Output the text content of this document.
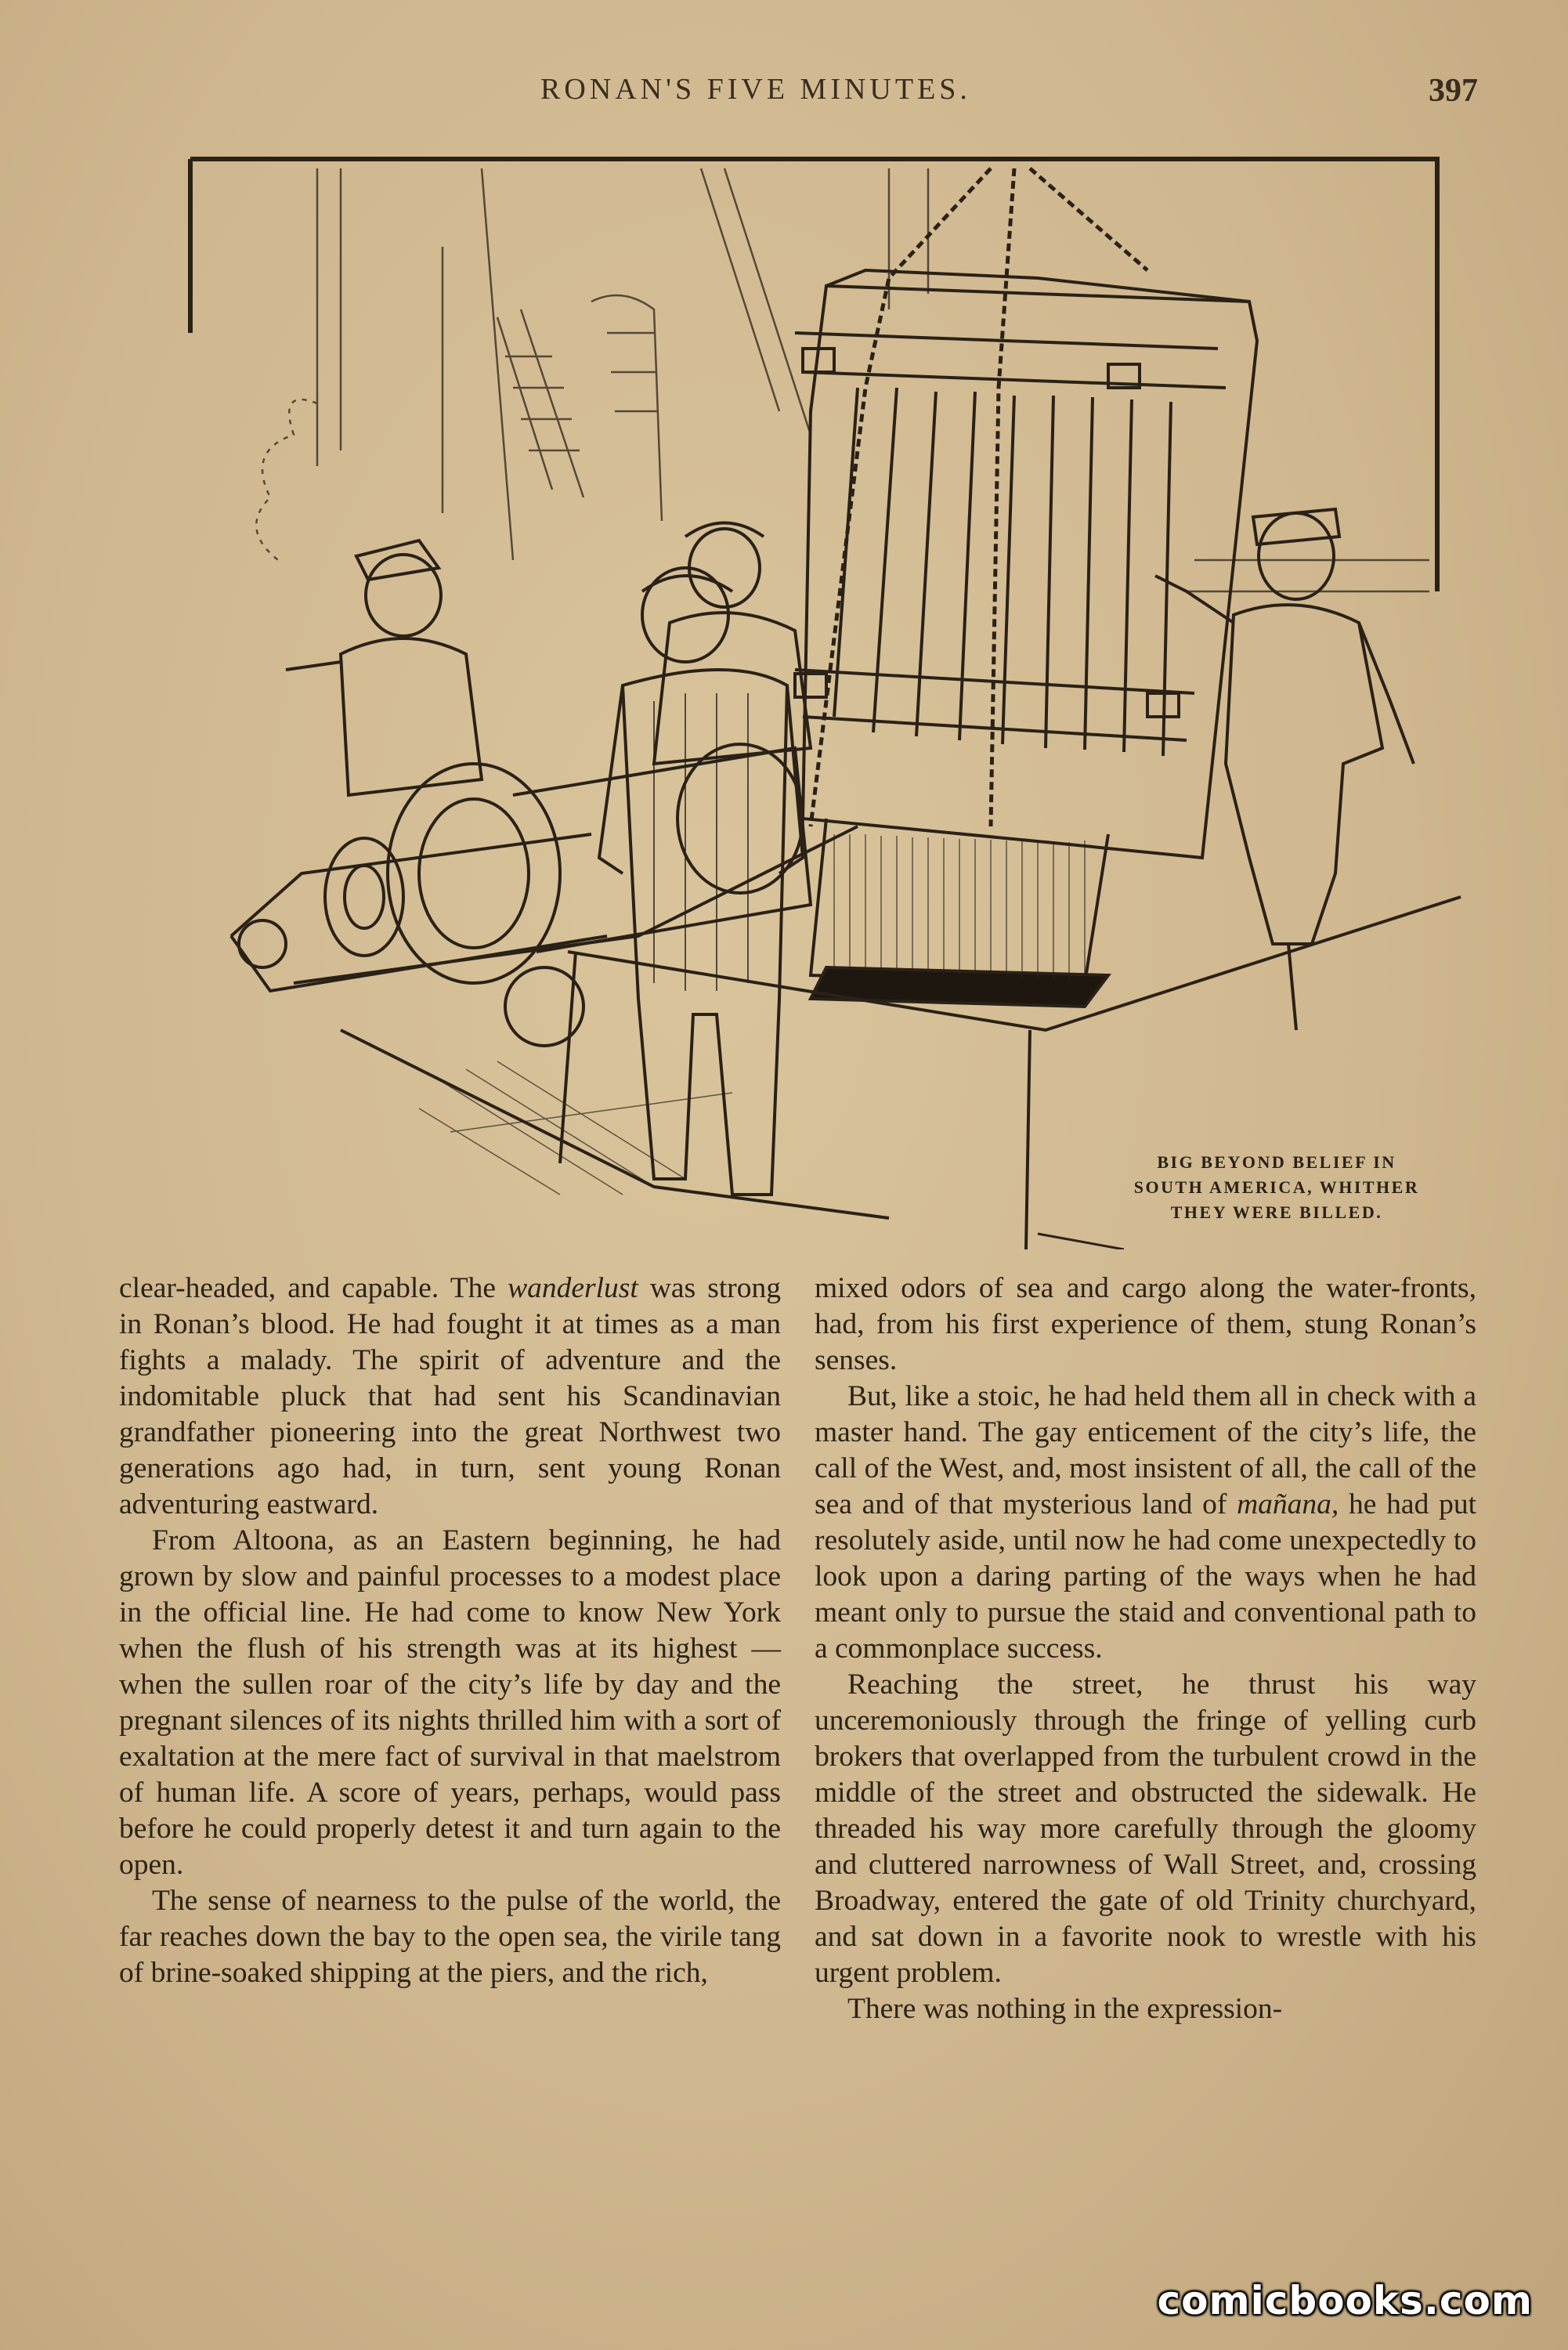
RONAN'S FIVE MINUTES.	397
BIG BEYOND BELIEF IN
SOUTH AMERICA, WHITHER
THEY WERE BILLED.

clear-headed, and capable. The wanderlust was strong in Ronan’s blood. He had fought it at times as a man fights a malady. The spirit of adventure and the indomitable pluck that had sent his Scandinavian grandfather pioneering into the great Northwest two generations ago had, in turn, sent young Ronan adventuring eastward.

From Altoona, as an Eastern beginning, he had grown by slow and painful processes to a modest place in the official line. He had come to know New York when the flush of his strength was at its highest — when the sullen roar of the city’s life by day and the pregnant silences of its nights thrilled him with a sort of exaltation at the mere fact of survival in that maelstrom of human life. A score of years, perhaps, would pass before he could properly detest it and turn again to the open.

The sense of nearness to the pulse of the world, the far reaches down the bay to the open sea, the virile tang of brine-soaked shipping at the piers, and the rich,

mixed odors of sea and cargo along the water-fronts, had, from his first experience of them, stung Ronan’s senses.

But, like a stoic, he had held them all in check with a master hand. The gay enticement of the city’s life, the call of the West, and, most insistent of all, the call of the sea and of that mysterious land of mañana, he had put resolutely aside, until now he had come unexpectedly to look upon a daring parting of the ways when he had meant only to pursue the staid and conventional path to a commonplace success.

Reaching the street, he thrust his way unceremoniously through the fringe of yelling curb brokers that overlapped from the turbulent crowd in the middle of the street and obstructed the sidewalk. He threaded his way more carefully through the gloomy and cluttered narrowness of Wall Street, and, crossing Broadway, entered the gate of old Trinity churchyard, and sat down in a favorite nook to wrestle with his urgent problem.

There was nothing in the expression-

comicbooks.com
